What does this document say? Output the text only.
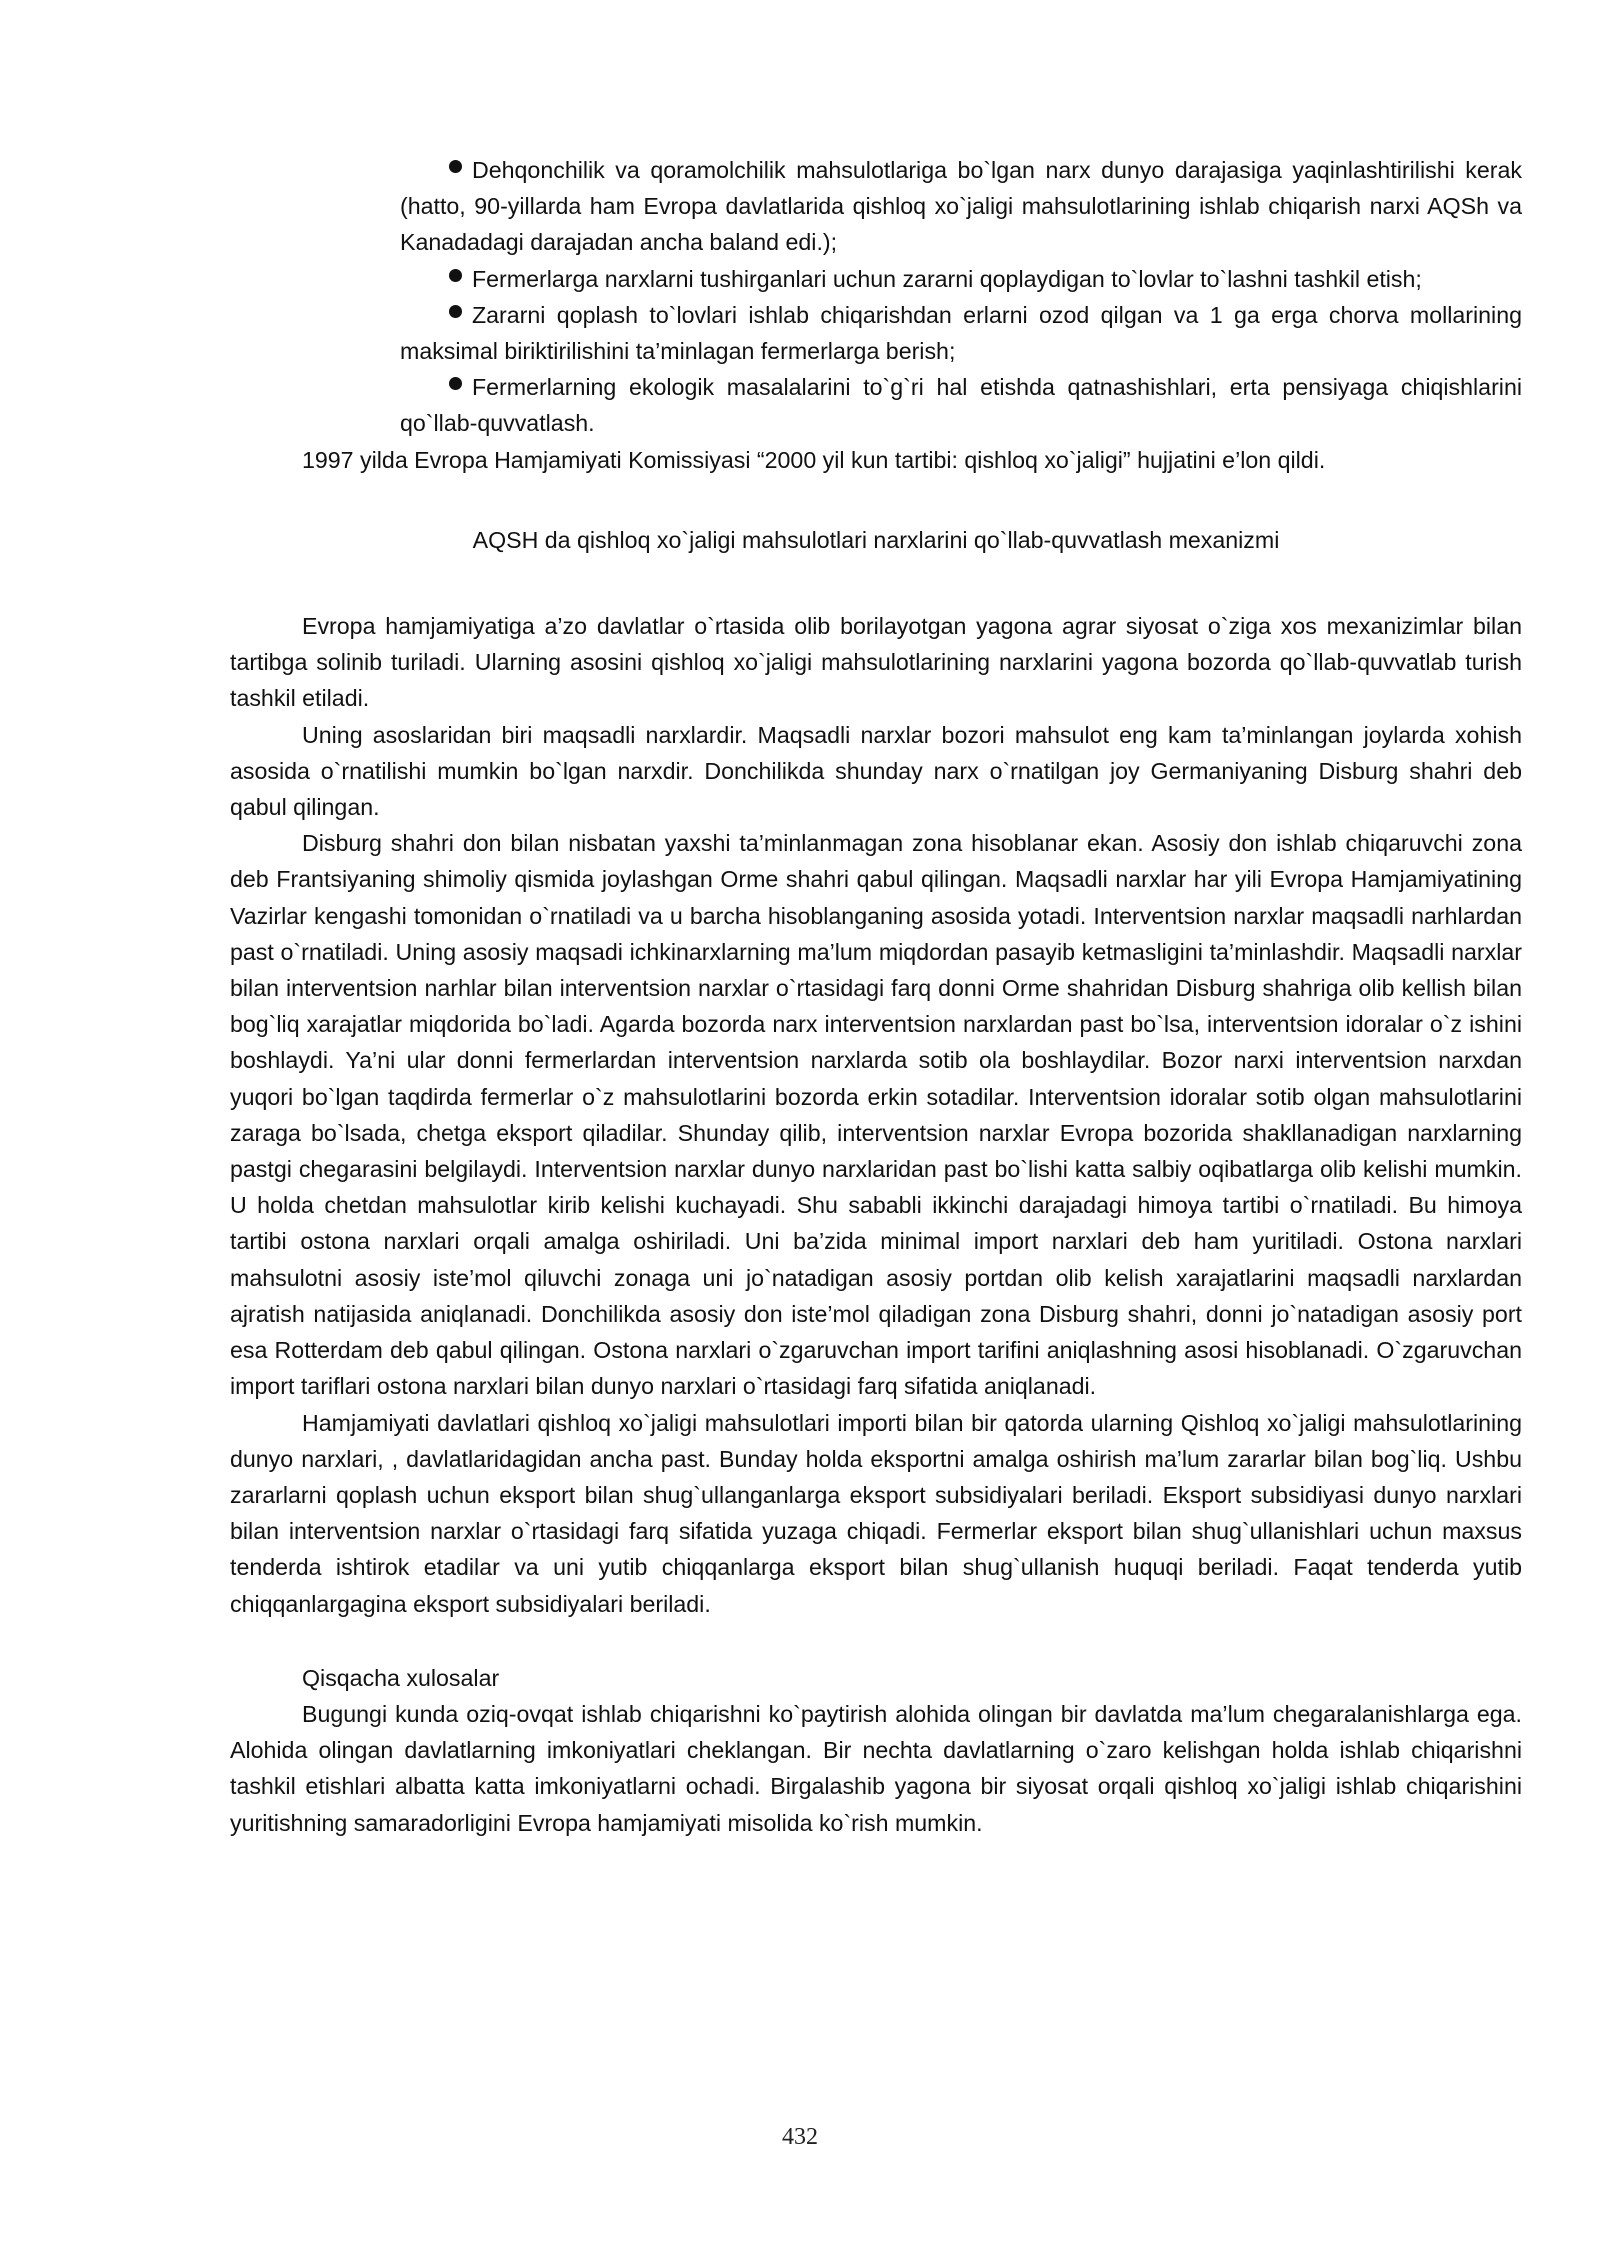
Dehqonchilik va qoramolchilik mahsulotlariga bo`lgan narx dunyo darajasiga yaqinlashtirilishi kerak (hatto, 90-yillarda ham Evropa davlatlarida qishloq xo`jaligi mahsulotlarining ishlab chiqarish narxi AQSh va Kanadadagi darajadan ancha baland edi.);
Fermerlarga narxlarni tushirganlari uchun zararni qoplaydigan to`lovlar to`lashni tashkil etish;
Zararni qoplash to`lovlari ishlab chiqarishdan erlarni ozod qilgan va 1 ga erga chorva mollarining maksimal biriktirilishini ta’minlagan fermerlarga berish;
Fermerlarning ekologik masalalarini to`g`ri hal etishda qatnashishlari, erta pensiyaga chiqishlarini qo`llab-quvvatlash.

1997 yilda Evropa Hamjamiyati Komissiyasi “2000 yil kun tartibi: qishloq xo`jaligi” hujjatini e’lon qildi.

AQSH da qishloq xo`jaligi mahsulotlari narxlarini qo`llab-quvvatlash mexanizmi

Evropa hamjamiyatiga a’zo davlatlar o`rtasida olib borilayotgan yagona agrar siyosat o`ziga xos mexanizimlar bilan tartibga solinib turiladi. Ularning asosini qishloq xo`jaligi mahsulotlarining narxlarini yagona bozorda qo`llab-quvvatlab turish tashkil etiladi.

Uning asoslaridan biri maqsadli narxlardir. Maqsadli narxlar bozori mahsulot eng kam ta’minlangan joylarda xohish asosida o`rnatilishi mumkin bo`lgan narxdir. Donchilikda shunday narx o`rnatilgan joy Germaniyaning Disburg shahri deb qabul qilingan.

Disburg shahri don bilan nisbatan yaxshi ta’minlanmagan zona hisoblanar ekan. Asosiy don ishlab chiqaruvchi zona deb Frantsiyaning shimoliy qismida joylashgan Orme shahri qabul qilingan. Maqsadli narxlar har yili Evropa Hamjamiyatining Vazirlar kengashi tomonidan o`rnatiladi va u barcha hisoblanganing asosida yotadi. Interventsion narxlar maqsadli narhlardan past o`rnatiladi. Uning asosiy maqsadi ichkinarxlarning ma’lum miqdordan pasayib ketmasligini ta’minlashdir. Maqsadli narxlar bilan interventsion narhlar bilan interventsion narxlar o`rtasidagi farq donni Orme shahridan Disburg shahriga olib kellish bilan bog`liq xarajatlar miqdorida bo`ladi. Agarda bozorda narx interventsion narxlardan past bo`lsa, interventsion idoralar o`z ishini boshlaydi. Ya’ni ular donni fermerlardan interventsion narxlarda sotib ola boshlaydilar. Bozor narxi interventsion narxdan yuqori bo`lgan taqdirda fermerlar o`z mahsulotlarini bozorda erkin sotadilar. Interventsion idoralar sotib olgan mahsulotlarini zaraga bo`lsada, chetga eksport qiladilar. Shunday qilib, interventsion narxlar Evropa bozorida shakllanadigan narxlarning pastgi chegarasini belgilaydi. Interventsion narxlar dunyo narxlaridan past bo`lishi katta salbiy oqibatlarga olib kelishi mumkin. U holda chetdan mahsulotlar kirib kelishi kuchayadi. Shu sababli ikkinchi darajadagi himoya tartibi o`rnatiladi. Bu himoya tartibi ostona narxlari orqali amalga oshiriladi. Uni ba’zida minimal import narxlari deb ham yuritiladi. Ostona narxlari mahsulotni asosiy iste’mol qiluvchi zonaga uni jo`natadigan asosiy portdan olib kelish xarajatlarini maqsadli narxlardan ajratish natijasida aniqlanadi. Donchilikda asosiy don iste’mol qiladigan zona Disburg shahri, donni jo`natadigan asosiy port esa Rotterdam deb qabul qilingan. Ostona narxlari o`zgaruvchan import tarifini aniqlashning asosi hisoblanadi. O`zgaruvchan import tariflari ostona narxlari bilan dunyo narxlari o`rtasidagi farq sifatida aniqlanadi.

Hamjamiyati davlatlari qishloq xo`jaligi mahsulotlari importi bilan bir qatorda ularning Qishloq xo`jaligi mahsulotlarining dunyo narxlari, , davlatlaridagidan ancha past. Bunday holda eksportni amalga oshirish ma’lum zararlar bilan bog`liq. Ushbu zararlarni qoplash uchun eksport bilan shug`ullanganlarga eksport subsidiyalari beriladi. Eksport subsidiyasi dunyo narxlari bilan interventsion narxlar o`rtasidagi farq sifatida yuzaga chiqadi. Fermerlar eksport bilan shug`ullanishlari uchun maxsus tenderda ishtirok etadilar va uni yutib chiqqanlarga eksport bilan shug`ullanish huquqi beriladi. Faqat tenderda yutib chiqqanlargagina eksport subsidiyalari beriladi.

Qisqacha xulosalar

Bugungi kunda oziq-ovqat ishlab chiqarishni ko`paytirish alohida olingan bir davlatda ma’lum chegaralanishlarga ega. Alohida olingan davlatlarning imkoniyatlari cheklangan. Bir nechta davlatlarning o`zaro kelishgan holda ishlab chiqarishni tashkil etishlari albatta katta imkoniyatlarni ochadi. Birgalashib yagona bir siyosat orqali qishloq xo`jaligi ishlab chiqarishini yuritishning samaradorligini Evropa hamjamiyati misolida ko`rish mumkin.

432
